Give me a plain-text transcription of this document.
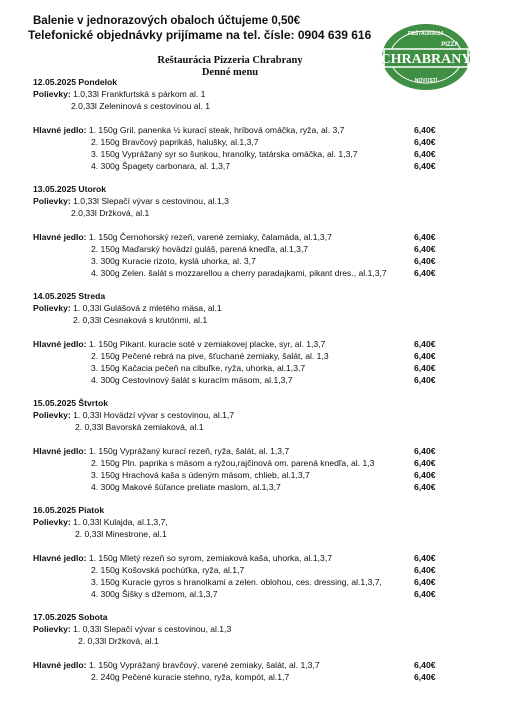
Balenie v jednorazových obaloch účtujeme 0,50€
Telefonické objednávky prijímame na tel. čísle: 0904 639 616
Reštaurácia Pizzeria Chrabrany
Denné menu
REŠTAURÁCIA
PIZZA
CHRABRANY
NOVOSTÍ
12.05.2025 Pondelok
Polievky: 1.0,33l Frankfurtská s párkom al. 1
2.0,33l Zeleninová s cestovinou al. 1
Hlavné jedlo: 1. 150g Gril. panenka ½ kurací steak, hríbová omáčka, ryža, al. 3,7	6,40€
2. 150g Bravčový paprikáš, halušky, al.1,3,7	6,40€
3. 150g Vyprážaný syr so šunkou, hranolky, tatárska omáčka, al. 1,3,7	6,40€
4. 300g Špagety carbonara, al. 1,3,7	6,40€
13.05.2025 Utorok
Polievky: 1.0,33l Slepačí vývar s cestovinou, al.1,3
2.0,33l Držková, al.1
Hlavné jedlo: 1. 150g Černohorský rezeň, varené zemiaky, čalamáda, al.1,3,7	6,40€
2. 150g Maďarský hovädzí guláš, parená knedľa, al.1,3,7	6,40€
3. 300g Kuracie rizoto, kyslá uhorka, al. 3,7	6,40€
4. 300g Zelen. šalát s mozzarellou a cherry paradajkami, pikant dres., al.1,3,7	6,40€
14.05.2025 Streda
Polievky: 1. 0,33l Gulášová z mletého mäsa, al.1
2. 0,33l Cesnaková s krutónmi, al.1
Hlavné jedlo: 1. 150g Pikant. kuracie soté v zemiakovej placke, syr, al. 1,3,7	6,40€
2. 150g Pečené rebrá na pive, šťuchané zemiaky, šalát, al. 1,3	6,40€
3. 150g Kačacia pečeň na cibuľke, ryža, uhorka, al.1,3,7	6,40€
4. 300g Cestovinový šalát s kuracím mäsom, al.1,3,7	6,40€
15.05.2025 Štvrtok
Polievky: 1. 0,33l Hovädzí vývar s cestovinou, al.1,7
2. 0,33l Bavorská zemiaková, al.1
Hlavné jedlo: 1. 150g Vyprážaný kurací rezeň, ryža, šalát, al. 1,3,7	6,40€
2. 150g Pln. paprika s mäsom a ryžou,rajčinová om. parená knedľa, al. 1,3	6,40€
3. 150g Hrachová kaša s údeným mäsom, chlieb, al.1,3,7	6,40€
4. 300g Makové šúľance preliate maslom, al.1,3,7	6,40€
16.05.2025 Piatok
Polievky: 1. 0,33l Kulajda, al.1,3,7,
2. 0,33l Minestrone, al.1
Hlavné jedlo: 1. 150g Mletý rezeň so syrom, zemiaková kaša, uhorka, al.1,3,7	6,40€
2. 150g Košovská pochúťka, ryža, al.1,7	6,40€
3. 150g Kuracie gyros s hranolkami a zelen. oblohou, ces. dressing, al.1,3,7,	6,40€
4. 300g Šišky s džemom, al.1,3,7	6,40€
17.05.2025 Sobota
Polievky: 1. 0,33l Slepačí vývar s cestovinou, al.1,3
2. 0,33l Držková, al.1
Hlavné jedlo: 1. 150g Vyprážaný bravčový, varené zemiaky, šalát, al. 1,3,7	6,40€
2. 240g Pečené kuracie stehno, ryža, kompót, al.1,7	6,40€
